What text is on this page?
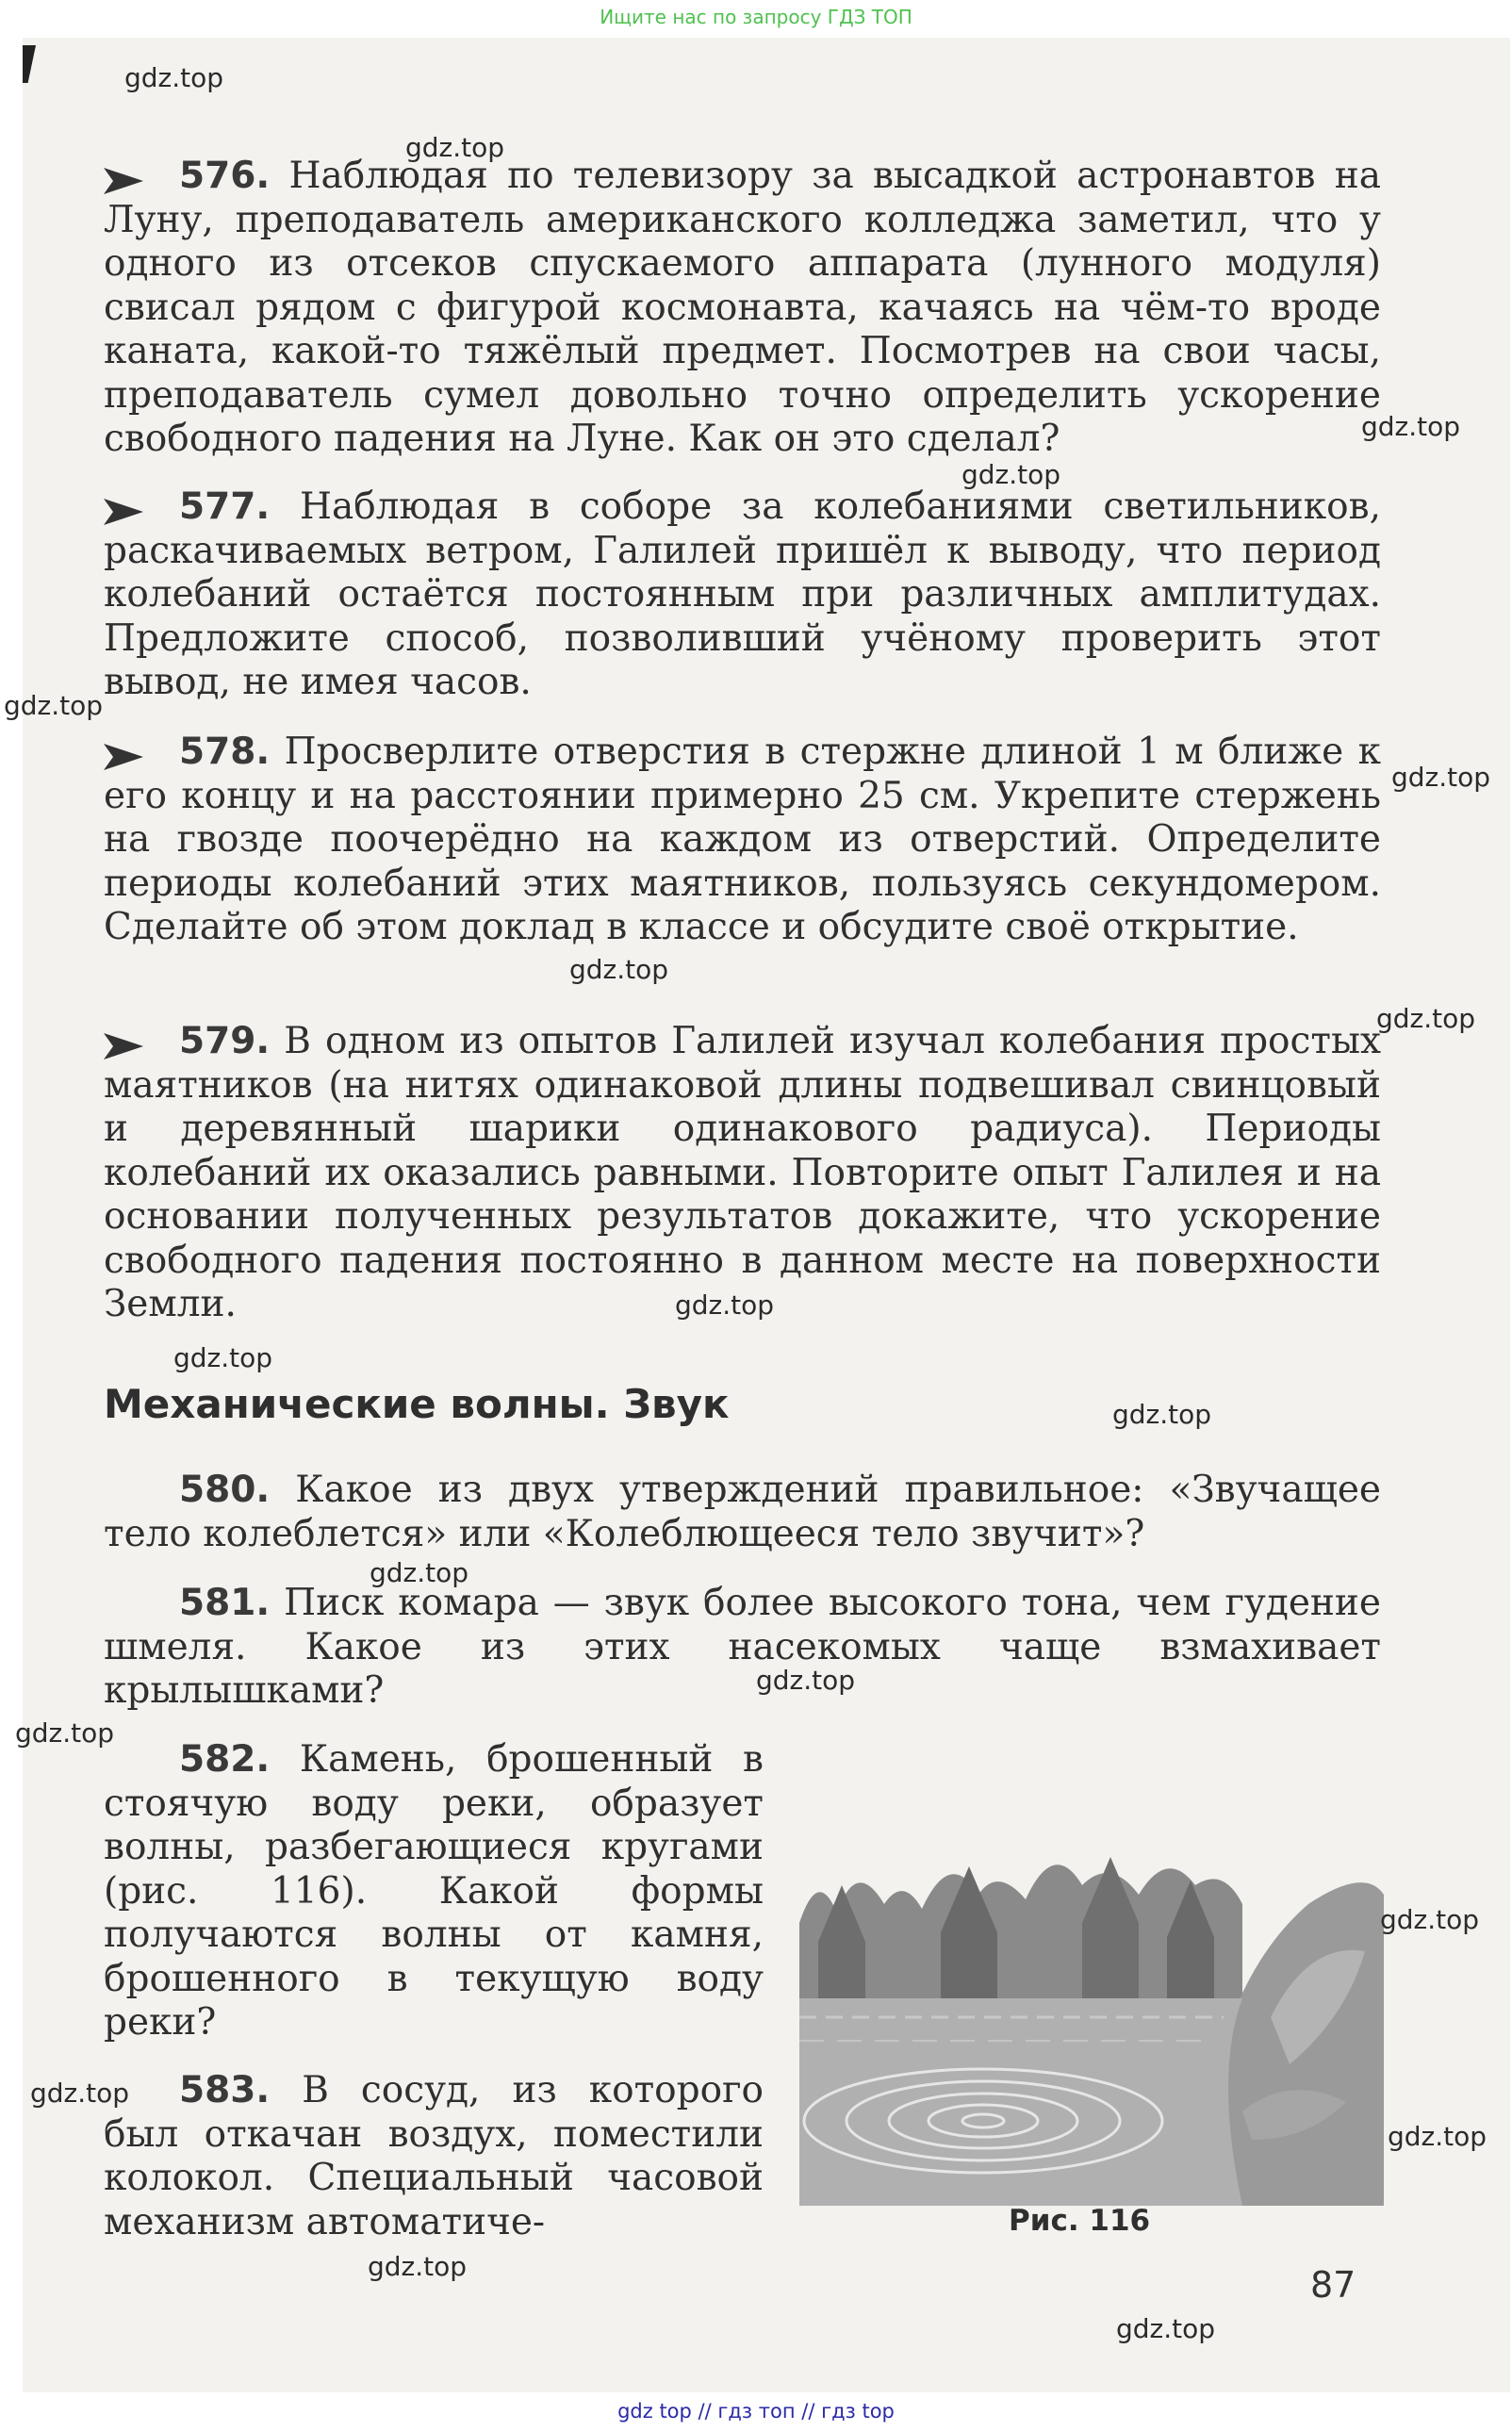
Ищите нас по запросу ГДЗ ТОП
576. Наблюдая по телевизору за высадкой астронавтов на Луну, преподаватель американского колледжа заметил, что у одного из отсеков спускаемого аппарата (лунного модуля) свисал рядом с фигурой космонавта, качаясь на чём-то вроде каната, какой-то тяжёлый предмет. Посмотрев на свои часы, преподаватель сумел довольно точно определить ускорение свободного падения на Луне. Как он это сделал?
577. Наблюдая в соборе за колебаниями светильников, раскачиваемых ветром, Галилей пришёл к выводу, что период колебаний остаётся постоянным при различных амплитудах. Предложите способ, позволивший учёному проверить этот вывод, не имея часов.
578. Просверлите отверстия в стержне длиной 1 м ближе к его концу и на расстоянии примерно 25 см. Укрепите стержень на гвозде поочерёдно на каждом из отверстий. Определите периоды колебаний этих маятников, пользуясь секундомером. Сделайте об этом доклад в классе и обсудите своё открытие.
579. В одном из опытов Галилей изучал колебания простых маятников (на нитях одинаковой длины подвешивал свинцовый и деревянный шарики одинакового радиуса). Периоды колебаний их оказались равными. Повторите опыт Галилея и на основании полученных результатов докажите, что ускорение свободного падения постоянно в данном месте на поверхности Земли.
Механические волны. Звук
580. Какое из двух утверждений правильное: «Звучащее тело колеблется» или «Колеблющееся тело звучит»?
581. Писк комара — звук более высокого тона, чем гудение шмеля. Какое из этих насекомых чаще взмахивает крылышками?
582. Камень, брошенный в стоячую воду реки, образует волны, разбегающиеся кругами (рис. 116). Какой формы получаются волны от камня, брошенного в текущую воду реки?
583. В сосуд, из которого был откачан воздух, поместили колокол. Специальный часовой механизм автоматиче-	Рис. 116
87
gdz.top
gdz.top
gdz.top
gdz.top
gdz.top
gdz.top
gdz.top
gdz.top
gdz.top
gdz.top
gdz.top
gdz.top
gdz.top
gdz.top
gdz.top
gdz.top
gdz.top
gdz.top
gdz.top
gdz top // гдз топ // гдз top
